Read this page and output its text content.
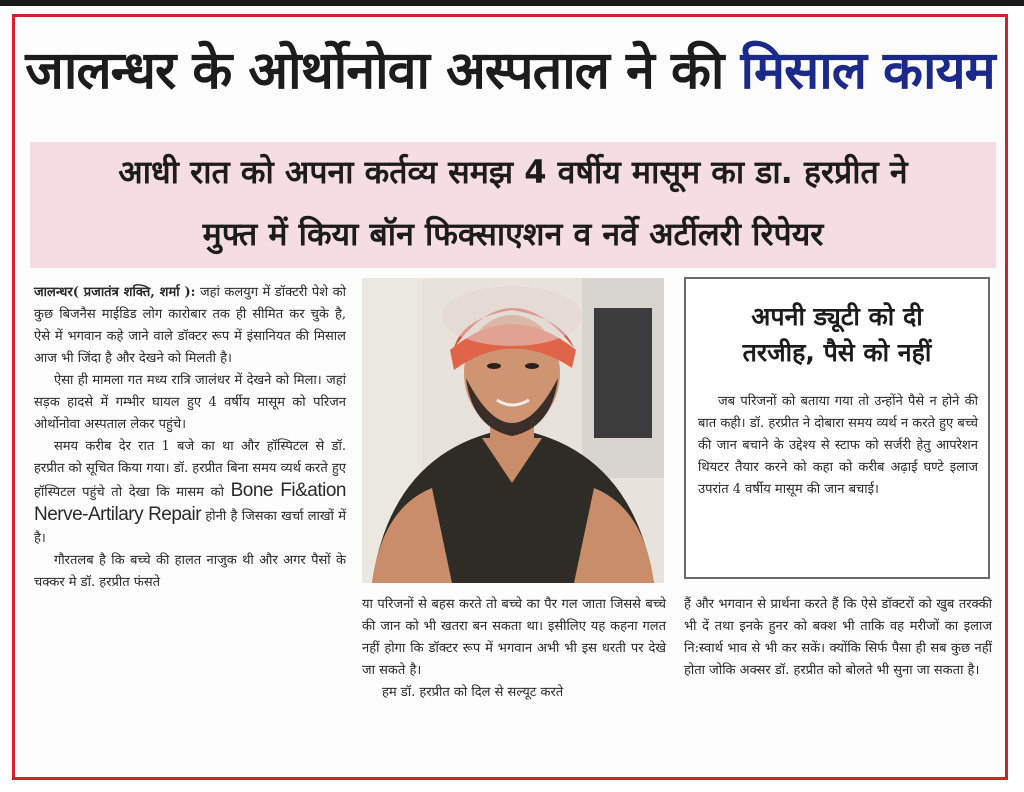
जालन्धर के ओर्थोनोवा अस्पताल ने की मिसाल कायम
आधी रात को अपना कर्तव्य समझ 4 वर्षीय मासूम का डा. हरप्रीत ने
मुफ्त में किया बॉन फिक्साएशन व नर्वे अर्टीलरी रिपेयर

जालन्धर( प्रजातंत्र शक्ति, शर्मा ): जहां कलयुग में डॉक्टरी पेशे को कुछ बिजनैस माईडिड लोग कारोबार तक ही सीमित कर चुके है, ऐसे में भगवान कहे जाने वाले डॉक्टर रूप में इंसानियत की मिसाल आज भी जिंदा है और देखने को मिलती है।

ऐसा ही मामला गत मध्य रात्रि जालंधर में देखने को मिला। जहां सड़क हादसे में गम्भीर घायल हुए 4 वर्षीय मासूम को परिजन ओर्थोनोवा अस्पताल लेकर पहुंचे।

समय करीब देर रात 1 बजे का था और हॉस्पिटल से डॉ. हरप्रीत को सूचित किया गया। डॉ. हरप्रीत बिना समय व्यर्थ करते हुए हॉस्पिटल पहुंचे तो देखा कि मासम को Bone Fi&ation Nerve-Artilary Repair होनी है जिसका खर्चा लाखों में है।

गौरतलब है कि बच्चे की हालत नाजुक थी और अगर पैसों के चक्कर मे डॉ. हरप्रीत फंसते

अपनी ड्यूटी को दी
तरजीह, पैसे को नहीं

जब परिजनों को बताया गया तो उन्होंने पैसे न होने की बात कही। डॉ. हरप्रीत ने दोबारा समय व्यर्थ न करते हुए बच्चे की जान बचाने के उद्देश्य से स्टाफ को सर्जरी हेतु आपरेशन थियटर तैयार करने को कहा को करीब अढ़ाई घण्टे इलाज उपरांत 4 वर्षीय मासूम की जान बचाई।

या परिजनों से बहस करते तो बच्चे का पैर गल जाता जिससे बच्चे की जान को भी खतरा बन सकता था। इसीलिए यह कहना गलत नहीं होगा कि डॉक्टर रूप में भगवान अभी भी इस धरती पर देखे जा सकते है।

हम डॉ. हरप्रीत को दिल से सल्यूट करते

हैं और भगवान से प्रार्थना करते हैं कि ऐसे डॉक्टरों को खुब तरक्की भी दें तथा इनके हुनर को बक्श भी ताकि वह मरीजों का इलाज नि:स्वार्थ भाव से भी कर सकें। क्योंकि सिर्फ पैसा ही सब कुछ नहीं होता जोकि अक्सर डॉ. हरप्रीत को बोलते भी सुना जा सकता है।
